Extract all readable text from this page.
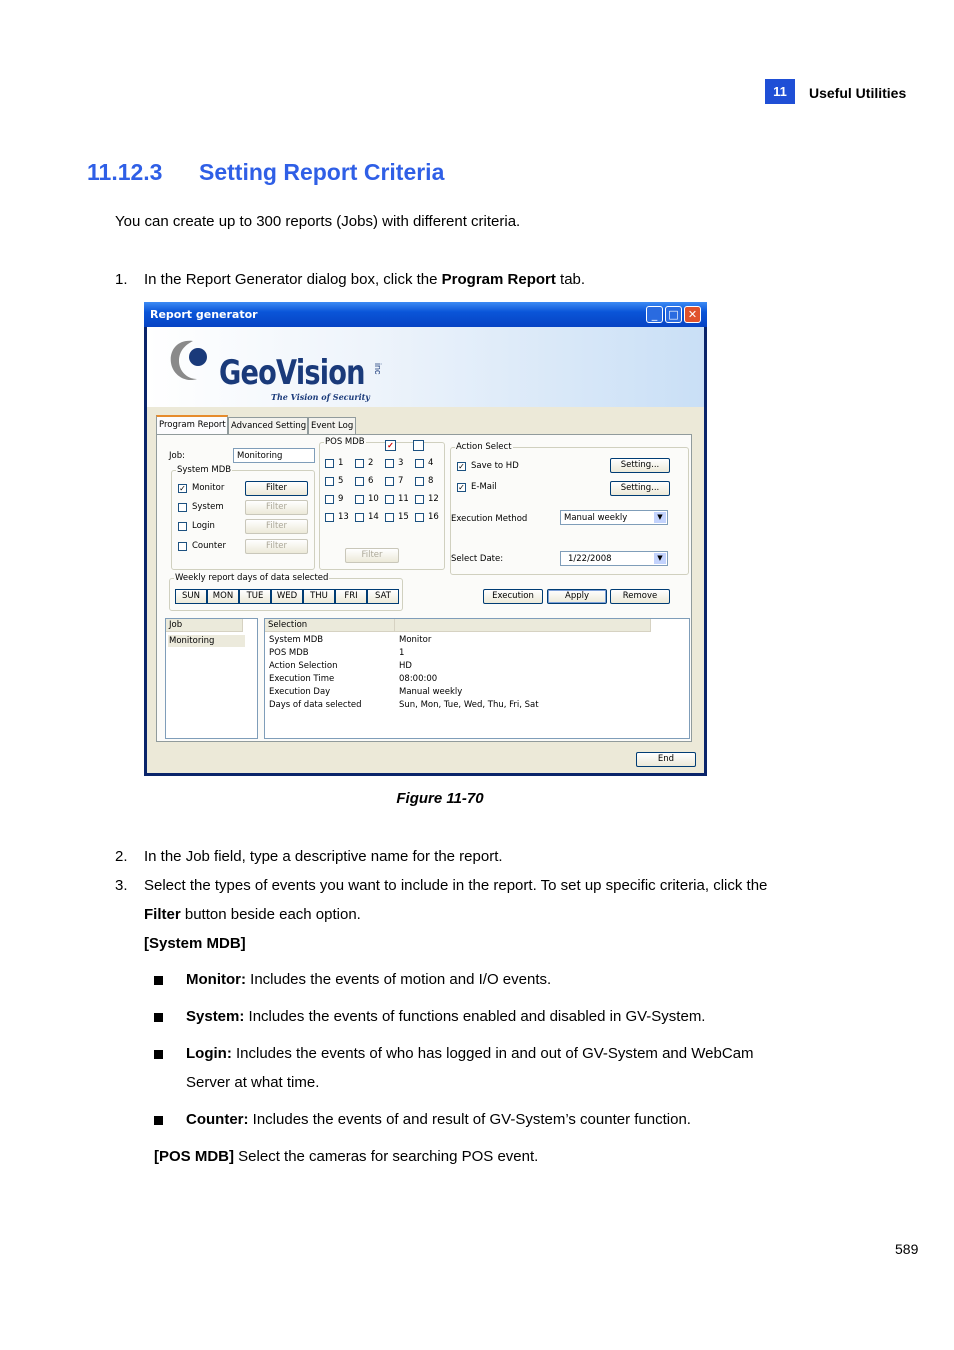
11	Useful Utilities
11.12.3 Setting Report Criteria
You can create up to 300 reports (Jobs) with different criteria.
1. In the Report Generator dialog box, click the Program Report tab.
Report generator	_	□ ✕
GeoVision inc
The Vision of Security
Program Report Advanced Setting Event Log
Job:	Monitoring
System MDB
✓ Monitor	Filter
System	Filter
Login	Filter
Counter	Filter
POS MDB	✓
1	2	3	4
5	6	7	8
9	10 11 12
13 14 15 16
Filter
Action Select
✓ Save to HD	Setting...
✓ E-Mail	Setting...
Execution Method	Manual weekly	▼
Select Date:	1/22/2008	▼
Weekly report days of data selected
SUN	MON	TUE	WED	THU	FRI	SAT	Execution	Apply	Remove
Job
Monitoring
Selection
System MDB	Monitor
POS MDB	1
Action Selection	HD
Execution Time	08:00:00
Execution Day	Manual weekly
Days of data selected	Sun, Mon, Tue, Wed, Thu, Fri, Sat
End
Figure 11-70
2. In the Job field, type a descriptive name for the report.
3. Select the types of events you want to include in the report. To set up specific criteria, click the
Filter button beside each option.
[System MDB]
Monitor: Includes the events of motion and I/O events.
System: Includes the events of functions enabled and disabled in GV-System.
Login: Includes the events of who has logged in and out of GV-System and WebCam
Server at what time.
Counter: Includes the events of and result of GV-System’s counter function.
[POS MDB] Select the cameras for searching POS event.
589
